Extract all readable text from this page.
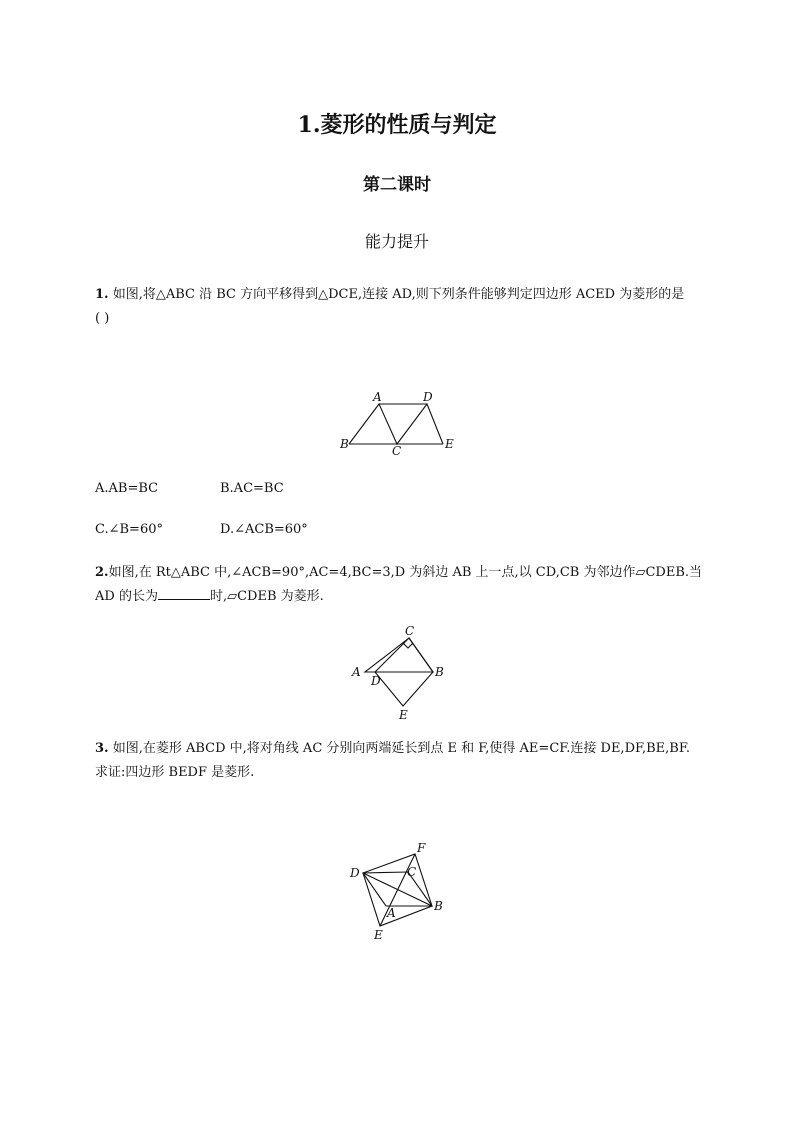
1.菱形的性质与判定
第二课时
能力提升
1. 如图,将△ABC 沿 BC 方向平移得到△DCE,连接 AD,则下列条件能够判定四边形 ACED 为菱形的是
( )
A	D
B	C	E
A.AB=BC	B.AC=BC
C.∠B=60°	D.∠ACB=60°
2.如图,在 Rt△ABC 中,∠ACB=90°,AC=4,BC=3,D 为斜边 AB 上一点,以 CD,CB 为邻边作▱CDEB.当
AD 的长为	时,▱CDEB 为菱形.
C
A
D
B
E
3. 如图,在菱形 ABCD 中,将对角线 AC 分别向两端延长到点 E 和 F,使得 AE=CF.连接 DE,DF,BE,BF.
求证:四边形 BEDF 是菱形.
F
D	C
A	B
E
